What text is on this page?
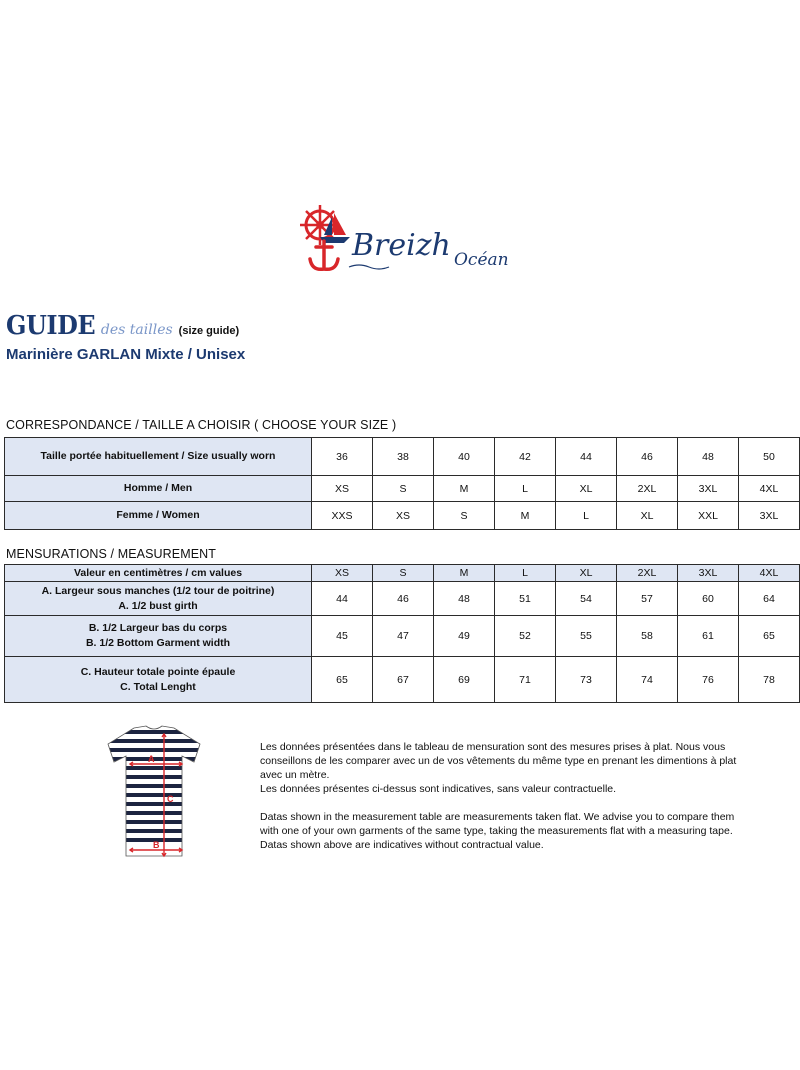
Breizh Océan
GUIDE des tailles (size guide)
Marinière GARLAN Mixte / Unisex
CORRESPONDANCE / TAILLE A CHOISIR ( CHOOSE YOUR SIZE )
Taille portée habituellement / Size usually worn	36	38	40	42	44	46	48	50
Homme / Men	XS	S	M	L	XL	2XL	3XL	4XL
Femme / Women	XXS	XS	S	M	L	XL	XXL	3XL
MENSURATIONS / MEASUREMENT
Valeur en centimètres / cm values	XS	S	M	L	XL	2XL	3XL	4XL

A. Largeur sous manches (1/2 tour de poitrine)
A. 1/2 bust girth	44	46	48	51	54	57	60	64

B. 1/2 Largeur bas du corps
B. 1/2 Bottom Garment width	45	47	49	52	55	58	61	65

C. Hauteur totale pointe épaule
C. Total Lenght	65	67	69	71	73	74	76	78
A
B
C

Les données présentées dans le tableau de mensuration sont des mesures prises à plat. Nous vous conseillons de les comparer avec un de vos vêtements du même type en prenant les dimentions à plat avec un mètre.

Les données présentes ci-dessus sont indicatives, sans valeur contractuelle.

Datas shown in the measurement table are measurements taken flat. We advise you to compare them with one of your own garments of the same type, taking the measurements flat with a measuring tape.

Datas shown above are indicatives without contractual value.
